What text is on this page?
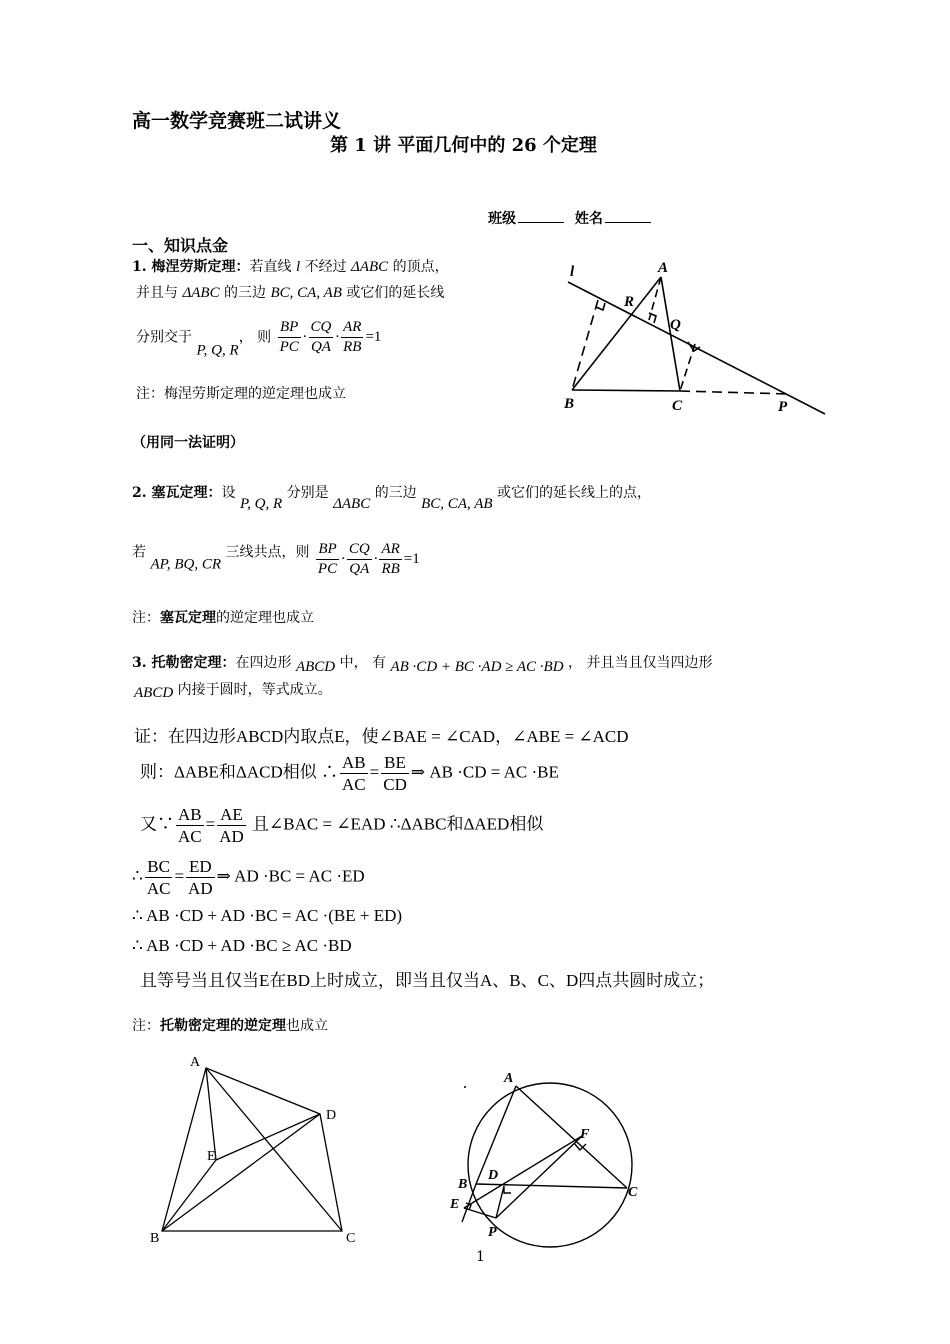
高一数学竞赛班二试讲义
第 1 讲 平面几何中的 26 个定理
班级	姓名
一、知识点金
1. 梅涅劳斯定理：若直线 l 不经过 ΔABC 的顶点，
并且与 ΔABC 的三边 BC, CA, AB 或它们的延长线
分别交于 P, Q, R， 则 $\frac{BP}{PC} \cdot \frac{CQ}{QA} \cdot \frac{AR}{RB} =1$
注：梅涅劳斯定理的逆定理也成立
（用同一法证明）
l	A
R
Q
B	C	P
2. 塞瓦定理：设 P, Q, R 分别是 ΔABC 的三边 BC, CA, AB 或它们的延长线上的点，
若 AP, BQ, CR 三线共点，则 $\frac{BP}{PC} \cdot \frac{CQ}{QA} \cdot \frac{AR}{RB} =1$
注：塞瓦定理的逆定理也成立
3. 托勒密定理：在四边形 ABCD 中， 有 AB ·CD + BC ·AD ≥ AC ·BD ， 并且当且仅当四边形
ABCD 内接于圆时，等式成立。
证：在四边形ABCD内取点E，使∠BAE = ∠CAD，∠ABE = ∠ACD
则：ΔABE和ΔACD相似 ∴ $\frac{AB}{AC} = \frac{BE}{CD}$ ⇒ AB ·CD = AC ·BE
又∵ $\frac{AB}{AC} = \frac{AE}{AD}$ 且∠BAC = ∠EAD ∴ΔABC和ΔAED相似
∴ $\frac{BC}{AC} = \frac{ED}{AD}$ ⇒ AD ·BC = AC ·ED
∴ AB ·CD + AD ·BC = AC ·(BE + ED)
∴ AB ·CD + AD ·BC ≥ AC ·BD
且等号当且仅当E在BD上时成立，即当且仅当A、B、C、D四点共圆时成立；
注：托勒密定理的逆定理也成立
A
D
E
B	C
A
F
D
B
E
C
P
1
